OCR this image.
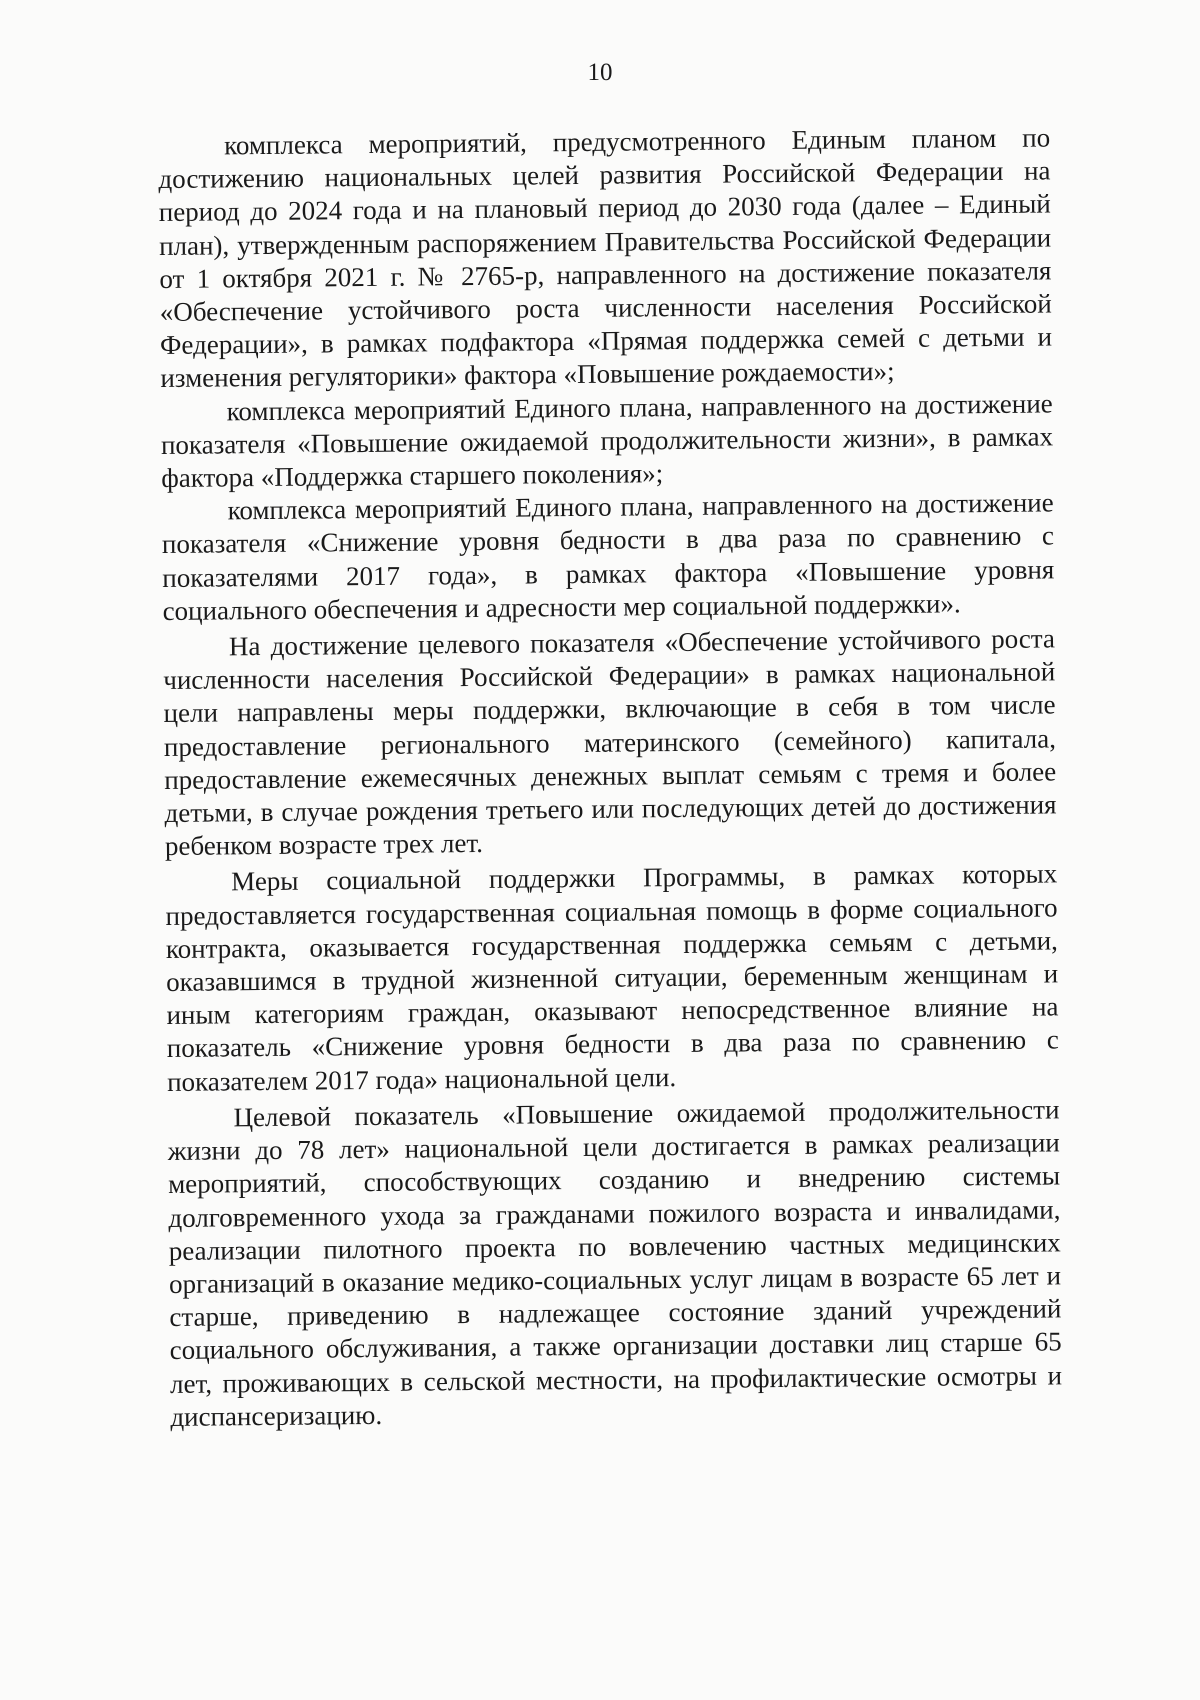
10

комплекса мероприятий, предусмотренного Единым планом по достижению национальных целей развития Российской Федерации на период до 2024 года и на плановый период до 2030 года (далее – Единый план), утвержденным распоряжением Правительства Российской Федерации от 1 октября 2021 г. № 2765-р, направленного на достижение показателя «Обеспечение устойчивого роста численности населения Российской Федерации», в рамках подфактора «Прямая поддержка семей с детьми и изменения регуляторики» фактора «Повышение рождаемости»;

комплекса мероприятий Единого плана, направленного на достижение показателя «Повышение ожидаемой продолжительности жизни», в рамках фактора «Поддержка старшего поколения»;

комплекса мероприятий Единого плана, направленного на достижение показателя «Снижение уровня бедности в два раза по сравнению с показателями 2017 года», в рамках фактора «Повышение уровня социального обеспечения и адресности мер социальной поддержки».

На достижение целевого показателя «Обеспечение устойчивого роста численности населения Российской Федерации» в рамках национальной цели направлены меры поддержки, включающие в себя в том числе предоставление регионального материнского (семейного) капитала, предоставление ежемесячных денежных выплат семьям с тремя и более детьми, в случае рождения третьего или последующих детей до достижения ребенком возрасте трех лет.

Меры социальной поддержки Программы, в рамках которых предоставляется государственная социальная помощь в форме социального контракта, оказывается государственная поддержка семьям с детьми, оказавшимся в трудной жизненной ситуации, беременным женщинам и иным категориям граждан, оказывают непосредственное влияние на показатель «Снижение уровня бедности в два раза по сравнению с показателем 2017 года» национальной цели.

Целевой показатель «Повышение ожидаемой продолжительности жизни до 78 лет» национальной цели достигается в рамках реализации мероприятий, способствующих созданию и внедрению системы долговременного ухода за гражданами пожилого возраста и инвалидами, реализации пилотного проекта по вовлечению частных медицинских организаций в оказание медико-социальных услуг лицам в возрасте 65 лет и старше, приведению в надлежащее состояние зданий учреждений социального обслуживания, а также организации доставки лиц старше 65 лет, проживающих в сельской местности, на профилактические осмотры и диспансеризацию.
